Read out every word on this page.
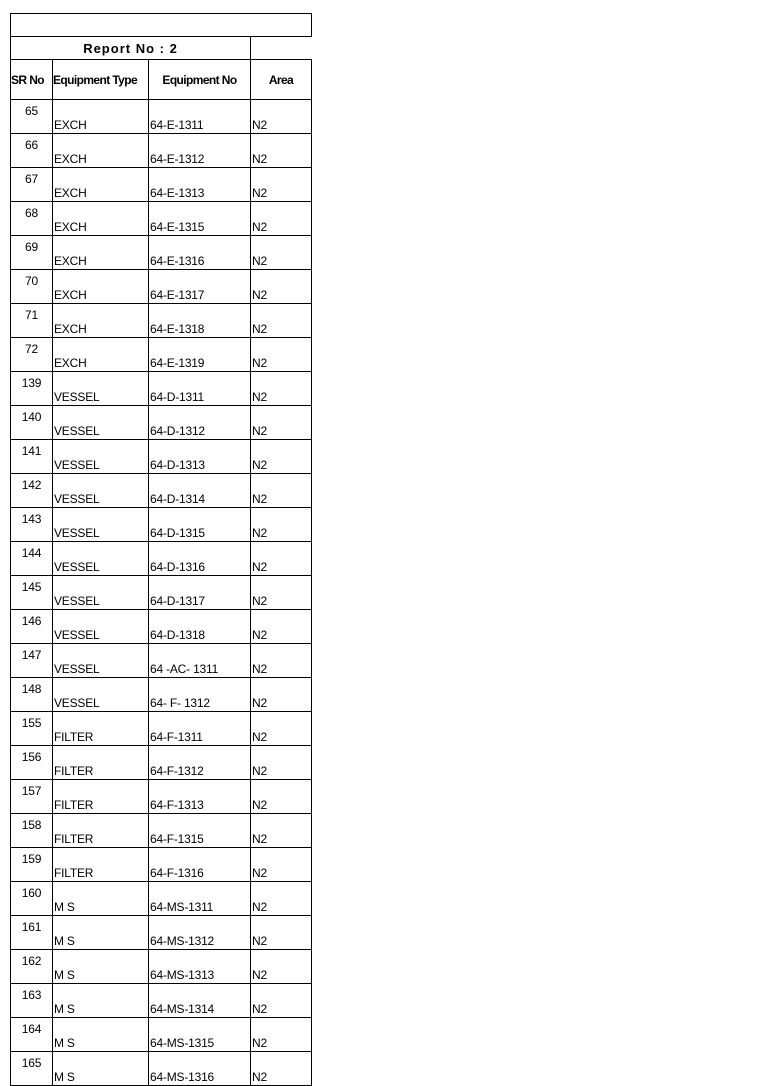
Report No : 2			
SR No	Equipment Type	Equipment No	Area
65	EXCH	64-E-1311	N2
66	EXCH	64-E-1312	N2
67	EXCH	64-E-1313	N2
68	EXCH	64-E-1315	N2
69	EXCH	64-E-1316	N2
70	EXCH	64-E-1317	N2
71	EXCH	64-E-1318	N2
72	EXCH	64-E-1319	N2
139	VESSEL	64-D-1311	N2
140	VESSEL	64-D-1312	N2
141	VESSEL	64-D-1313	N2
142	VESSEL	64-D-1314	N2
143	VESSEL	64-D-1315	N2
144	VESSEL	64-D-1316	N2
145	VESSEL	64-D-1317	N2
146	VESSEL	64-D-1318	N2
147	VESSEL	64 -AC- 1311	N2
148	VESSEL	64- F- 1312	N2
155	FILTER	64-F-1311	N2
156	FILTER	64-F-1312	N2
157	FILTER	64-F-1313	N2
158	FILTER	64-F-1315	N2
159	FILTER	64-F-1316	N2
160	M S	64-MS-1311	N2
161	M S	64-MS-1312	N2
162	M S	64-MS-1313	N2
163	M S	64-MS-1314	N2
164	M S	64-MS-1315	N2
165	M S	64-MS-1316	N2
